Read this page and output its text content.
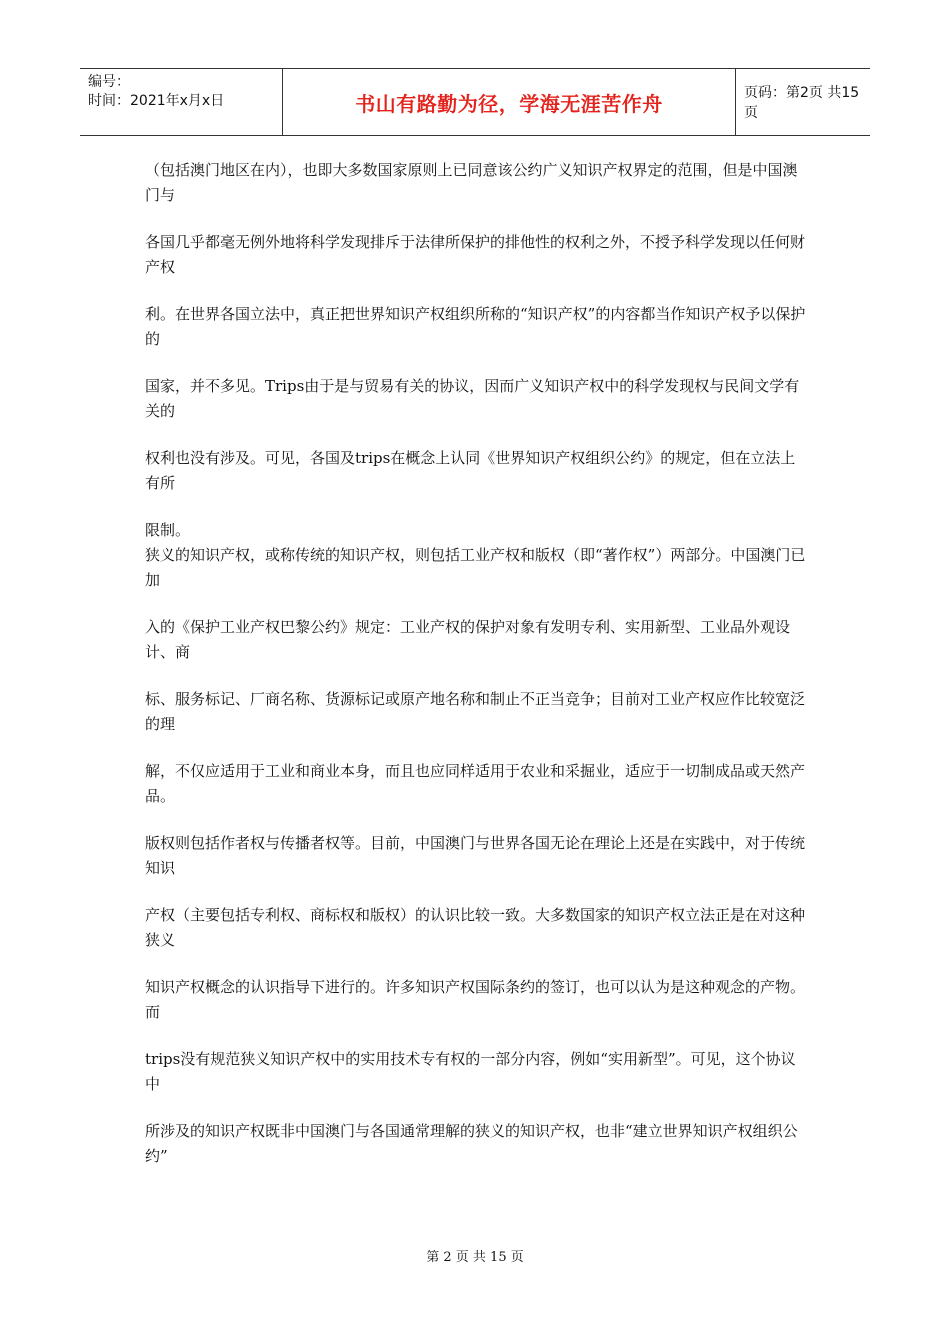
编号：
时间：2021年x月x日	书山有路勤为径，学海无涯苦作舟	页码：第2页 共15页

（包括澳门地区在内），也即大多数国家原则上已同意该公约广义知识产权界定的范围，但是中国澳门与

各国几乎都毫无例外地将科学发现排斥于法律所保护的排他性的权利之外，不授予科学发现以任何财产权

利。在世界各国立法中，真正把世界知识产权组织所称的“知识产权”的内容都当作知识产权予以保护的

国家，并不多见。Trips由于是与贸易有关的协议，因而广义知识产权中的科学发现权与民间文学有关的

权利也没有涉及。可见，各国及trips在概念上认同《世界知识产权组织公约》的规定，但在立法上有所

限制。

狭义的知识产权，或称传统的知识产权，则包括工业产权和版权（即“著作权”）两部分。中国澳门已加

入的《保护工业产权巴黎公约》规定：工业产权的保护对象有发明专利、实用新型、工业品外观设计、商

标、服务标记、厂商名称、货源标记或原产地名称和制止不正当竞争；目前对工业产权应作比较宽泛的理

解，不仅应适用于工业和商业本身，而且也应同样适用于农业和采掘业，适应于一切制成品或天然产品。

版权则包括作者权与传播者权等。目前，中国澳门与世界各国无论在理论上还是在实践中，对于传统知识

产权（主要包括专利权、商标权和版权）的认识比较一致。大多数国家的知识产权立法正是在对这种狭义

知识产权概念的认识指导下进行的。许多知识产权国际条约的签订，也可以认为是这种观念的产物。而

trips没有规范狭义知识产权中的实用技术专有权的一部分内容，例如“实用新型”。可见，这个协议中

所涉及的知识产权既非中国澳门与各国通常理解的狭义的知识产权，也非“建立世界知识产权组织公约”

第 2 页 共 15 页
